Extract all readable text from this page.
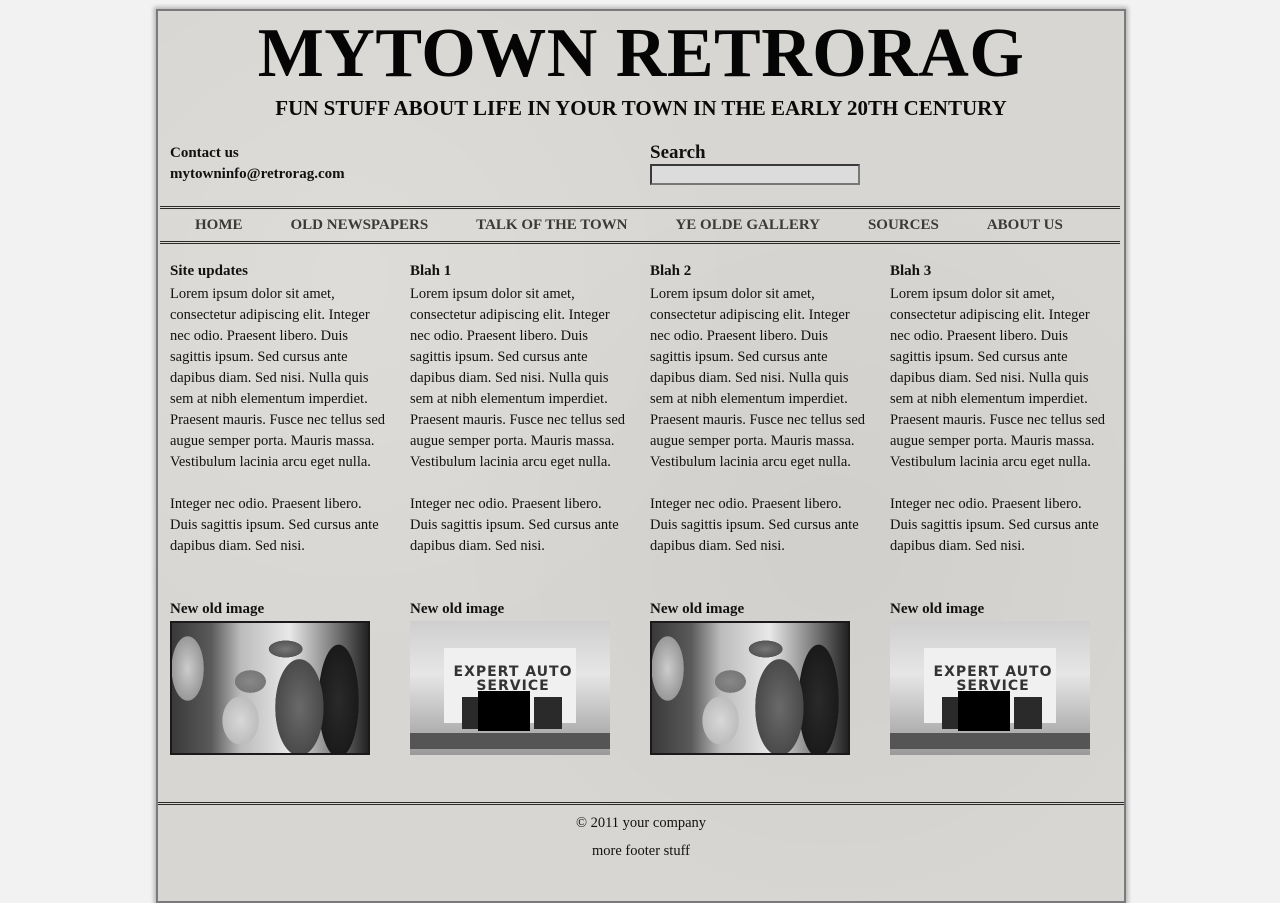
MYTOWN RETRORAG
FUN STUFF ABOUT LIFE IN YOUR TOWN IN THE EARLY 20TH CENTURY
Contact us
mytowninfo@retrorag.com
Search
HOME	OLD NEWSPAPERS	TALK OF THE TOWN	YE OLDE GALLERY	SOURCES	ABOUT US
Site updates

Lorem ipsum dolor sit amet, consectetur adipiscing elit. Integer nec odio. Praesent libero. Duis sagittis ipsum. Sed cursus ante dapibus diam. Sed nisi. Nulla quis sem at nibh elementum imperdiet. Praesent mauris. Fusce nec tellus sed augue semper porta. Mauris massa. Vestibulum lacinia arcu eget nulla.

Integer nec odio. Praesent libero. Duis sagittis ipsum. Sed cursus ante dapibus diam. Sed nisi.

New old image
Blah 1

Lorem ipsum dolor sit amet, consectetur adipiscing elit. Integer nec odio. Praesent libero. Duis sagittis ipsum. Sed cursus ante dapibus diam. Sed nisi. Nulla quis sem at nibh elementum imperdiet. Praesent mauris. Fusce nec tellus sed augue semper porta. Mauris massa. Vestibulum lacinia arcu eget nulla.

Integer nec odio. Praesent libero. Duis sagittis ipsum. Sed cursus ante dapibus diam. Sed nisi.

New old image
EXPERT AUTO SERVICE
Blah 2

Lorem ipsum dolor sit amet, consectetur adipiscing elit. Integer nec odio. Praesent libero. Duis sagittis ipsum. Sed cursus ante dapibus diam. Sed nisi. Nulla quis sem at nibh elementum imperdiet. Praesent mauris. Fusce nec tellus sed augue semper porta. Mauris massa. Vestibulum lacinia arcu eget nulla.

Integer nec odio. Praesent libero. Duis sagittis ipsum. Sed cursus ante dapibus diam. Sed nisi.

New old image
Blah 3

Lorem ipsum dolor sit amet, consectetur adipiscing elit. Integer nec odio. Praesent libero. Duis sagittis ipsum. Sed cursus ante dapibus diam. Sed nisi. Nulla quis sem at nibh elementum imperdiet. Praesent mauris. Fusce nec tellus sed augue semper porta. Mauris massa. Vestibulum lacinia arcu eget nulla.

Integer nec odio. Praesent libero. Duis sagittis ipsum. Sed cursus ante dapibus diam. Sed nisi.

New old image
EXPERT AUTO SERVICE

© 2011 your company

more footer stuff
